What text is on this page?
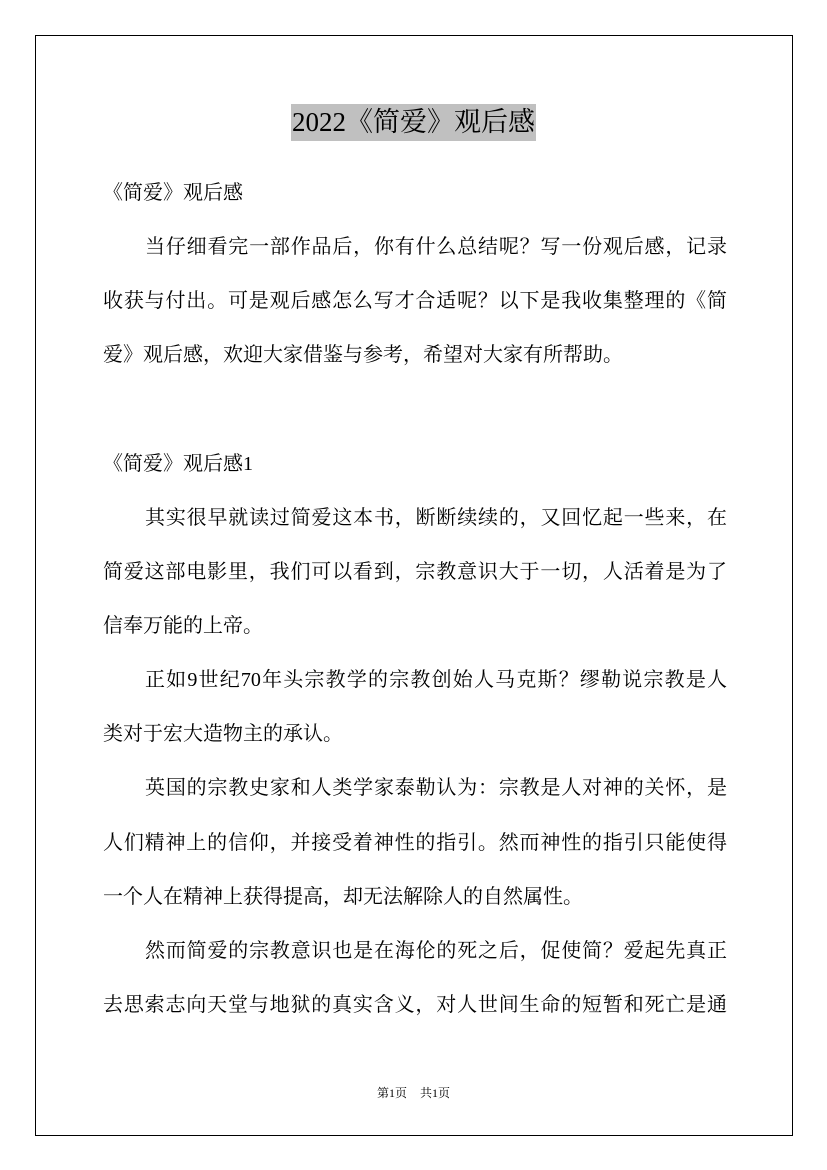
2022《简爱》观后感
《简爱》观后感
当仔细看完一部作品后，你有什么总结呢？写一份观后感，记录
收获与付出。可是观后感怎么写才合适呢？以下是我收集整理的《简
爱》观后感，欢迎大家借鉴与参考，希望对大家有所帮助。
《简爱》观后感1
其实很早就读过简爱这本书，断断续续的，又回忆起一些来，在
简爱这部电影里，我们可以看到，宗教意识大于一切，人活着是为了
信奉万能的上帝。
正如9世纪70年头宗教学的宗教创始人马克斯？缪勒说宗教是人
类对于宏大造物主的承认。
英国的宗教史家和人类学家泰勒认为：宗教是人对神的关怀，是
人们精神上的信仰，并接受着神性的指引。然而神性的指引只能使得
一个人在精神上获得提高，却无法解除人的自然属性。
然而简爱的宗教意识也是在海伦的死之后，促使简？爱起先真正
去思索志向天堂与地狱的真实含义，对人世间生命的短暂和死亡是通
第1页 共1页
